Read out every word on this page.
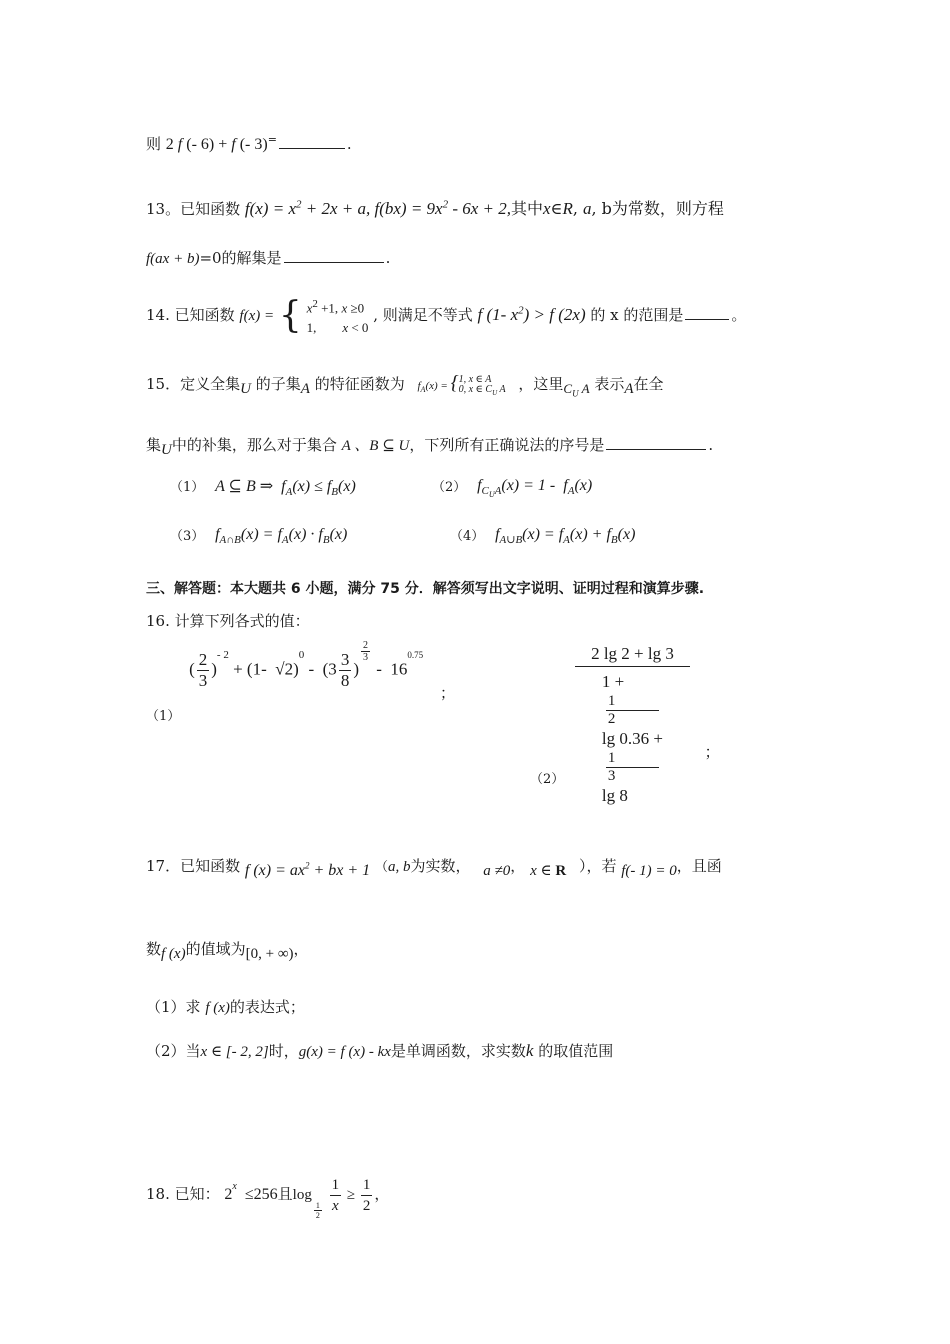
则 2 f (- 6) + f (- 3)=	.
13。已知函数 $f(x) = x^2 + 2x + a$, $f(bx) = 9x^2 - 6x + 2$,其中x∈R, a, b为常数，则方程
f(ax + b)=0的解集是	.
14. 已知函数 f(x) = { $x^2 +1$, x ≥0
1,        x < 0
, 则满足不等式 f (1- $x^2) > f$ (2x) 的 x 的范围是	。
15．定义全集$_U$ 的子集$_A$ 的特征函数为 $f_A(x)$ = { 1, x ∈ A
0, x ∈ $C_U$ A ，这里$_{C_U A}$ 表示$_A$在全
集$_U$中的补集，那么对于集合 A 、B ⊆ U，下列所有正确说法的序号是	.
（1） A ⊆ B ⇒  $f_A(x) \le f_B(x)$	（2） $f_{C_UA}(x) = 1 - f_A(x)$
（3） $f_{A\cap B}(x) = f_A(x) \cdot f_B(x)$	（4） $f_{A\cup B}(x) = f_A(x) + f_B(x)$
三、解答题：本大题共 6 小题，满分 75 分．解答须写出文字说明、证明过程和演算步骤.
16. 计算下列各式的值：
（1） ( $\frac{2}{3} )^{- 2} + (1-$  $√2)^0 - (3 \frac{3}{8}$ )
$^{\frac{2}{3}}$
-  $16^{0.75}$ ；
（2） 2 lg 2 + lg 3
1 +
1
2
lg 0.36 +
1
3
lg 8 ；
17．已知函数 $_{f (x) = ax^2 + bx + 1}$ （a, b为实数， $_{a \ne 0}$， $_{x \in R}$ ），若 $_{f(- 1) = 0}$，且函
数$_{f (x)}$的值域为$_{[0, + \infty)}$，
（1）求 f (x)的表达式；
（2）当x ∈ [- 2, 2]时，g(x) = f (x) - kx是单调函数，求实数k 的取值范围
18. 已知： 2$^x$  ≤256且log
$_{\frac{1}{2}}$
$\frac{1}{x} \ge \frac{1}{2}$ ，
